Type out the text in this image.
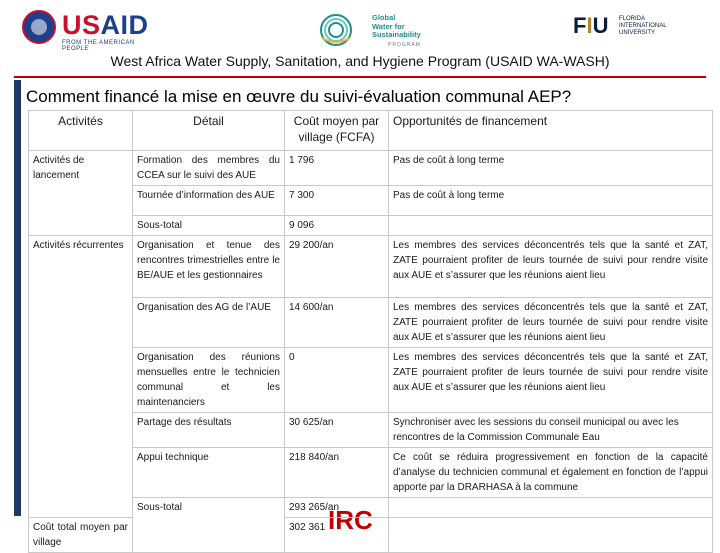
USAID
FROM THE AMERICAN PEOPLE
Global
Water for
Sustainability
PROGRAM
FIU FLORIDA
INTERNATIONAL
UNIVERSITY
West Africa Water Supply, Sanitation, and Hygiene Program (USAID WA-WASH)
Comment financé la mise en œuvre du suivi-évaluation communal AEP?
IRC
Activités	Détail	Coût moyen par village (FCFA)	Opportunités de financement
Activités de lancement	Formation des membres du CCEA sur le suivi des AUE	1 796	Pas de coût à long terme
	Tournée d’information des AUE	7 300	Pas de coût à long terme
	Sous-total	9 096	
Activités récurrentes	Organisation et tenue des rencontres trimestrielles entre le BE/AUE et les gestionnaires	29 200/an	Les membres des services déconcentrés tels que la santé et ZAT, ZATE pourraient profiter de leurs tournée de suivi pour rendre visite aux AUE et s’assurer que les réunions aient lieu
	Organisation des AG de l’AUE	14 600/an	Les membres des services déconcentrés tels que la santé et ZAT, ZATE pourraient profiter de leurs tournée de suivi pour rendre visite aux AUE et s’assurer que les réunions aient lieu
	Organisation des réunions mensuelles entre le technicien communal et les maintenanciers	0	Les membres des services déconcentrés tels que la santé et ZAT, ZATE pourraient profiter de leurs tournée de suivi pour rendre visite aux AUE et s’assurer que les réunions aient lieu
	Partage des résultats	30 625/an	Synchroniser avec les sessions du conseil municipal ou avec les rencontres de la Commission Communale Eau
	Appui technique	218 840/an	Ce coût se réduira progressivement en fonction de la capacité d’analyse du technicien communal et également en fonction de l’appui apporte par la DRARHASA à la commune
	Sous-total	293 265/an	
Coût total moyen par village		302 361	
